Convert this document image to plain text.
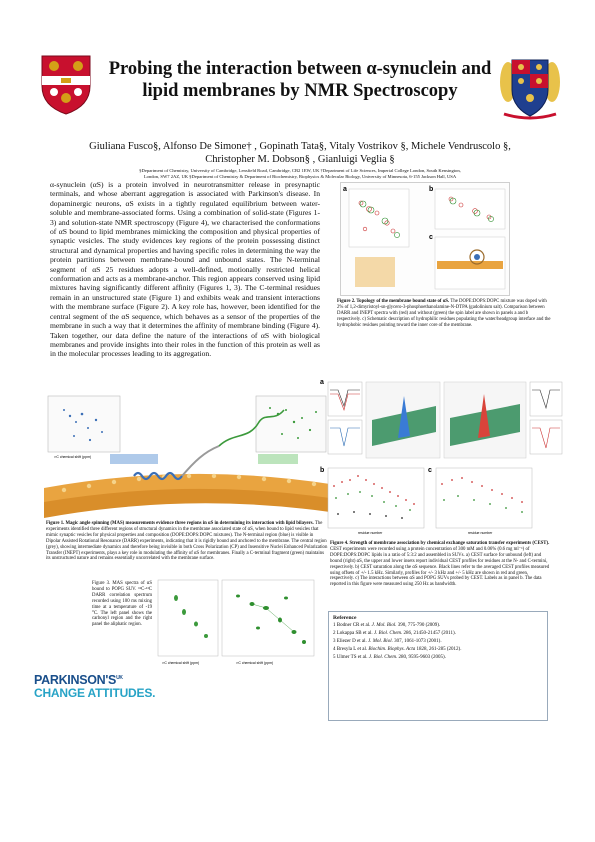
Probing the interaction between α-synuclein and
lipid membranes by NMR Spectroscopy
Giuliana Fusco§, Alfonso De Simone† , Gopinath Tata§, Vitaly Vostrikov §, Michele Vendruscolo §,
Christopher M. Dobson§ , Gianluigi Veglia §
§Department of Chemistry, University of Cambridge, Lensfield Road, Cambridge, CB2 1EW, UK †Department of Life Sciences, Imperial College London, South Kensington,
London, SW7 2AZ, UK §Department of Chemistry & Department of Biochemistry, Biophysics & Molecular Biology, University of Minnesota, 6-155 Jackson Hall, USA
α-synuclein (αS) is a protein involved in neurotransmitter release in presynaptic terminals, and whose aberrant aggregation is associated with Parkinson's disease. In dopaminergic neurons, αS exists in a tightly regulated equilibrium between water-soluble and membrane-associated forms. Using a combination of solid-state (Figures 1-3) and solution-state NMR spectroscopy (Figure 4), we characterised the conformations of αS bound to lipid membranes mimicking the composition and physical properties of synaptic vesicles. The study evidences key regions of the protein possessing distinct structural and dynamical properties and having specific roles in determining the way the protein partitions between membrane-bound and unbound states. The N-terminal segment of αS 25 residues adopts a well-defined, motionally restricted helical conformation and acts as a membrane-anchor. This region appears conserved using lipid mixtures having significantly different affinity (Figures 1, 3). The C-terminal residues remain in an unstructured state (Figure 1) and exhibits weak and transient interactions with the membrane surface (Figure 2). A key role has, however, been identified for the central segment of the αS sequence, which behaves as a sensor of the properties of the membrane in such a way that it determines the affinity of membrane binding (Figure 4). Taken together, our data define the nature of the interactions of αS with biological membranes and provide insights into their roles in the function of this protein as well as in the molecular processes leading to its aggregation.
¹³C chemical shift (ppm)
Figure 1. Magic angle spinning (MAS) measurements evidence three regions in αS in determining its interaction with lipid bilayers. The experiments identified three different regions of structural dynamics in the membrane associated state of αS, when bound to lipid vesicles that mimic synaptic vesicles for physical properties and composition (DOPE:DOPS:DOPC mixtures). The N-terminal region (blue) is visible in Dipolar Assisted Rotational Resonance (DARR) experiments, indicating that it is rigidly bound and anchored to the membrane. The central region (grey), showing intermediate dynamics and therefore being invisible in both Cross Polarization (CP) and Insensitive Nuclei Enhanced Polarization Transfer (INEPT) experiments, plays a key role in modulating the affinity of αS for membranes. Finally a C-terminal fragment (green) maintains its unstructured nature and remains essentially uncorrelated with the membrane surface.
a	b
c
Figure 2. Topology of the membrane bound state of αS. The DOPE:DOPS:DOPC mixture was doped with 2% of 1,2-dimyristoyl-sn-glycero-3-phosphoethanolamine-N-DTPA (gadolinium salt). Comparison between DARR and INEPT spectra with (red) and without (green) the spin label are shown in panels a and b respectively. c) Schematic description of hydrophilic residues populating the water/headgroup interface and the hydrophobic residues pointing toward the inner core of the membrane.
a
b
residue number
c
residue number
Figure 4. Strength of membrane association by chemical exchange saturation transfer experiments (CEST). CEST experiments were recorded using a protein concentration of 300 mM and 0.06% (0.6 mg ml⁻¹) of DOPE:DOPS:DOPC lipids in a ratio of 5:3:2 and assembled in SUVs. a) CEST surface for unbound (left) and bound (right) αS, the upper and lower insets report individual CEST profiles for residues at the N- and C-termini, respectively. b) CEST saturation along the αS sequence. Black lines refer to the averaged CEST profiles measured using offsets of +/- 1.5 kHz. Similarly, profiles for +/- 3 kHz and +/- 5 kHz are shown in red and green, respectively. c) The interactions between αS and POPG SUVs probed by CEST. Labels as in panel b. The data reported in this figure were measured using 250 Hz as bandwidth.
Figure 3. MAS spectra of αS bound to POPG SUV. ¹³C-¹³C DARR correlation spectrum recorded using 100 ms mixing time at a temperature of -19 °C. The left panel shows the carbonyl region and the right panel the aliphatic region.
¹³C chemical shift (ppm)	¹³C chemical shift (ppm)
$PARKINSON'S^{UK}$
CHANGE ATTITUDES.
Reference
1 Bodner CR et al. J. Mol. Biol. 390, 775-790 (2009).
2 Lokappa SB et al. J. Biol. Chem. 286, 21450-21457 (2011).
3 Eliezer D et al. J. Mol. Biol. 307, 1061-1073 (2001).
4 Bresyla L et al. Biochim. Biophys. Acta 1828, 261-285 (2012).
5 Ulmer TS et al. J. Biol. Chem. 280, 9595-9603 (2005).
